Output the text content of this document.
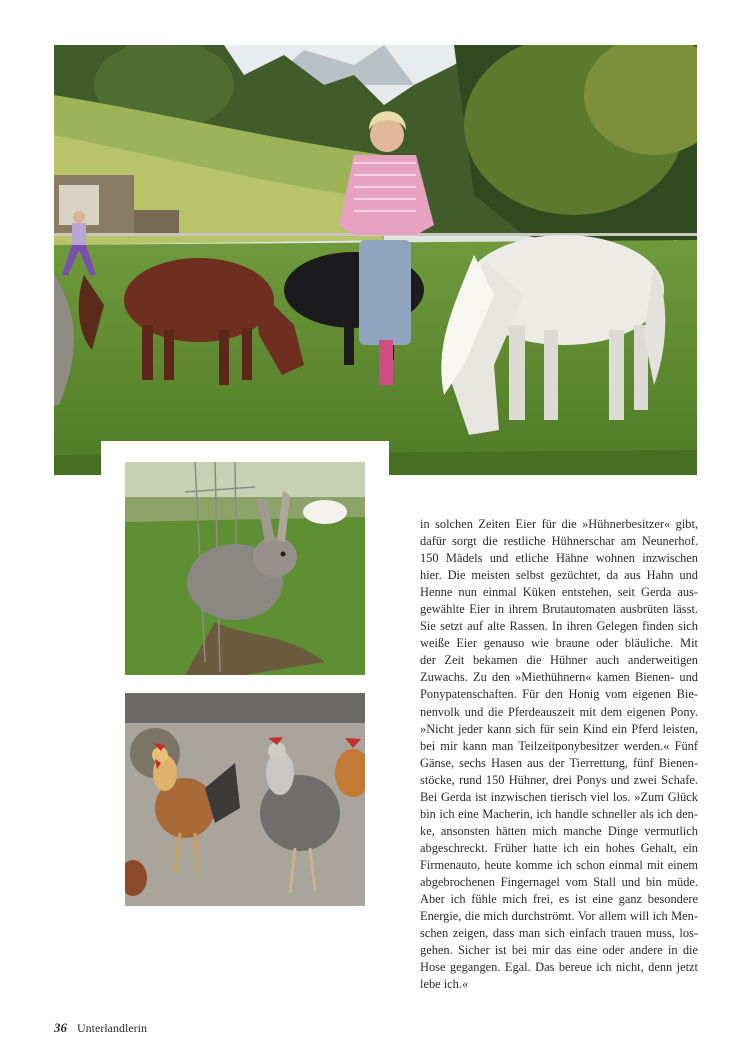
in solchen Zeiten Eier für die »Hühnerbesitzer« gibt,
dafür sorgt die restliche Hühnerschar am Neunerhof.
150 Mädels und etliche Hähne wohnen inzwischen
hier. Die meisten selbst gezüchtet, da aus Hahn und
Henne nun einmal Küken entstehen, seit Gerda aus-
gewählte Eier in ihrem Brutautomaten ausbrüten lässt.
Sie setzt auf alte Rassen. In ihren Gelegen finden sich
weiße Eier genauso wie braune oder bläuliche. Mit
der Zeit bekamen die Hühner auch anderweitigen
Zuwachs. Zu den »Miethühnern« kamen Bienen- und
Ponypatenschaften. Für den Honig vom eigenen Bie-
nenvolk und die Pferdeauszeit mit dem eigenen Pony.
»Nicht jeder kann sich für sein Kind ein Pferd leisten,
bei mir kann man Teilzeitponybesitzer werden.« Fünf
Gänse, sechs Hasen aus der Tierrettung, fünf Bienen-
stöcke, rund 150 Hühner, drei Ponys und zwei Schafe.
Bei Gerda ist inzwischen tierisch viel los. »Zum Glück
bin ich eine Macherin, ich handle schneller als ich den-
ke, ansonsten hätten mich manche Dinge vermutlich
abgeschreckt. Früher hatte ich ein hohes Gehalt, ein
Firmenauto, heute komme ich schon einmal mit einem
abgebrochenen Fingernagel vom Stall und bin müde.
Aber ich fühle mich frei, es ist eine ganz besondere
Energie, die mich durchströmt. Vor allem will ich Men-
schen zeigen, dass man sich einfach trauen muss, los-
gehen. Sicher ist bei mir das eine oder andere in die
Hose gegangen. Egal. Das bereue ich nicht, denn jetzt
lebe ich.«

36 Unterlandlerin
